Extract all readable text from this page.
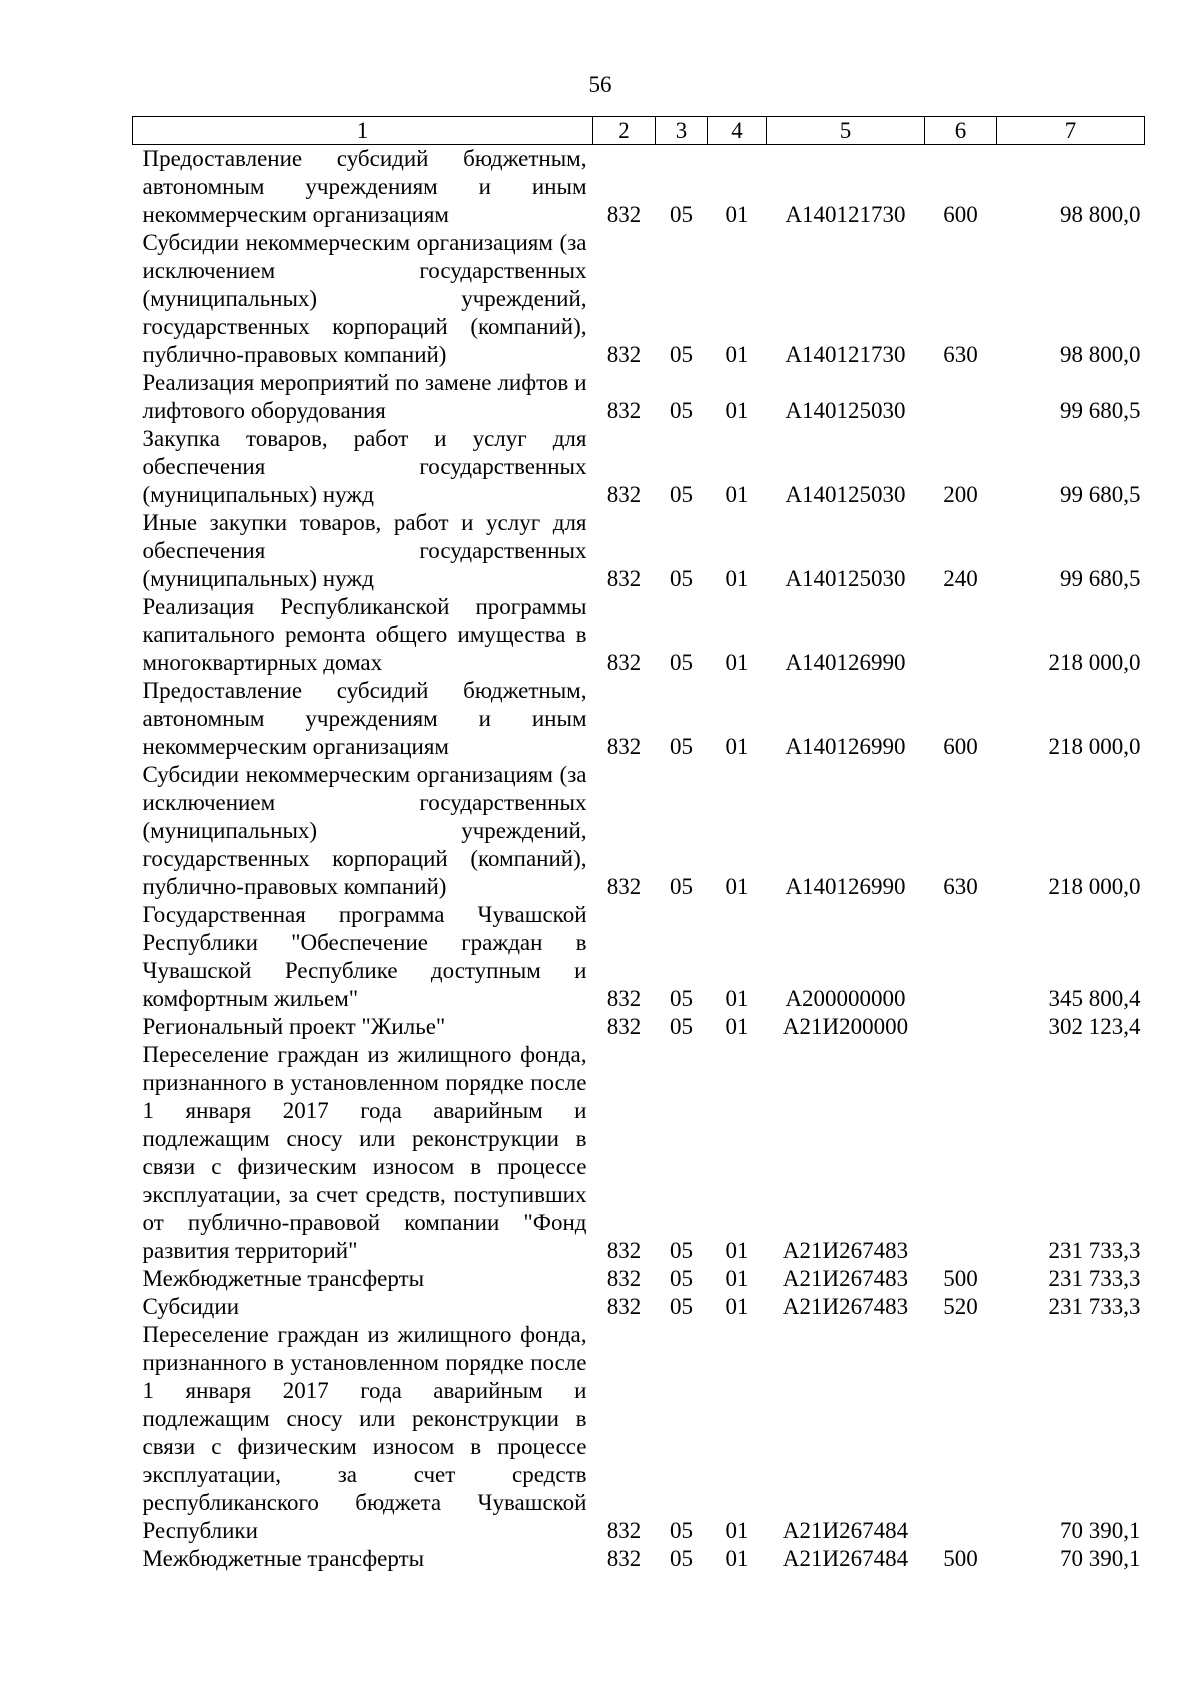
56
1	2	3	4	5	6	7
Предоставление субсидий бюджетным, автономным учреждениям и иным некоммерческим организациям	832	05	01	А140121730	600	98 800,0
Субсидии некоммерческим организациям (за исключением государственных (муниципальных) учреждений, государственных корпораций (компаний), публично-правовых компаний)	832	05	01	А140121730	630	98 800,0
Реализация мероприятий по замене лифтов и лифтового оборудования	832	05	01	А140125030		99 680,5
Закупка товаров, работ и услуг для обеспечения государственных (муниципальных) нужд	832	05	01	А140125030	200	99 680,5
Иные закупки товаров, работ и услуг для обеспечения государственных (муниципальных) нужд	832	05	01	А140125030	240	99 680,5
Реализация Республиканской программы капитального ремонта общего имущества в многоквартирных домах	832	05	01	А140126990		218 000,0
Предоставление субсидий бюджетным, автономным учреждениям и иным некоммерческим организациям	832	05	01	А140126990	600	218 000,0
Субсидии некоммерческим организациям (за исключением государственных (муниципальных) учреждений, государственных корпораций (компаний), публично-правовых компаний)	832	05	01	А140126990	630	218 000,0
Государственная программа Чувашской Республики "Обеспечение граждан в Чувашской Республике доступным и комфортным жильем"	832	05	01	А200000000		345 800,4
Региональный проект "Жилье"	832	05	01	А21И200000		302 123,4
Переселение граждан из жилищного фонда, признанного в установленном порядке после 1 января 2017 года аварийным и подлежащим сносу или реконструкции в связи с физическим износом в процессе эксплуатации, за счет средств, поступивших от публично-правовой компании "Фонд развития территорий"	832	05	01	А21И267483		231 733,3
Межбюджетные трансферты	832	05	01	А21И267483	500	231 733,3
Субсидии	832	05	01	А21И267483	520	231 733,3
Переселение граждан из жилищного фонда, признанного в установленном порядке после 1 января 2017 года аварийным и подлежащим сносу или реконструкции в связи с физическим износом в процессе эксплуатации, за счет средств республиканского бюджета Чувашской Республики	832	05	01	А21И267484		70 390,1
Межбюджетные трансферты	832	05	01	А21И267484	500	70 390,1
